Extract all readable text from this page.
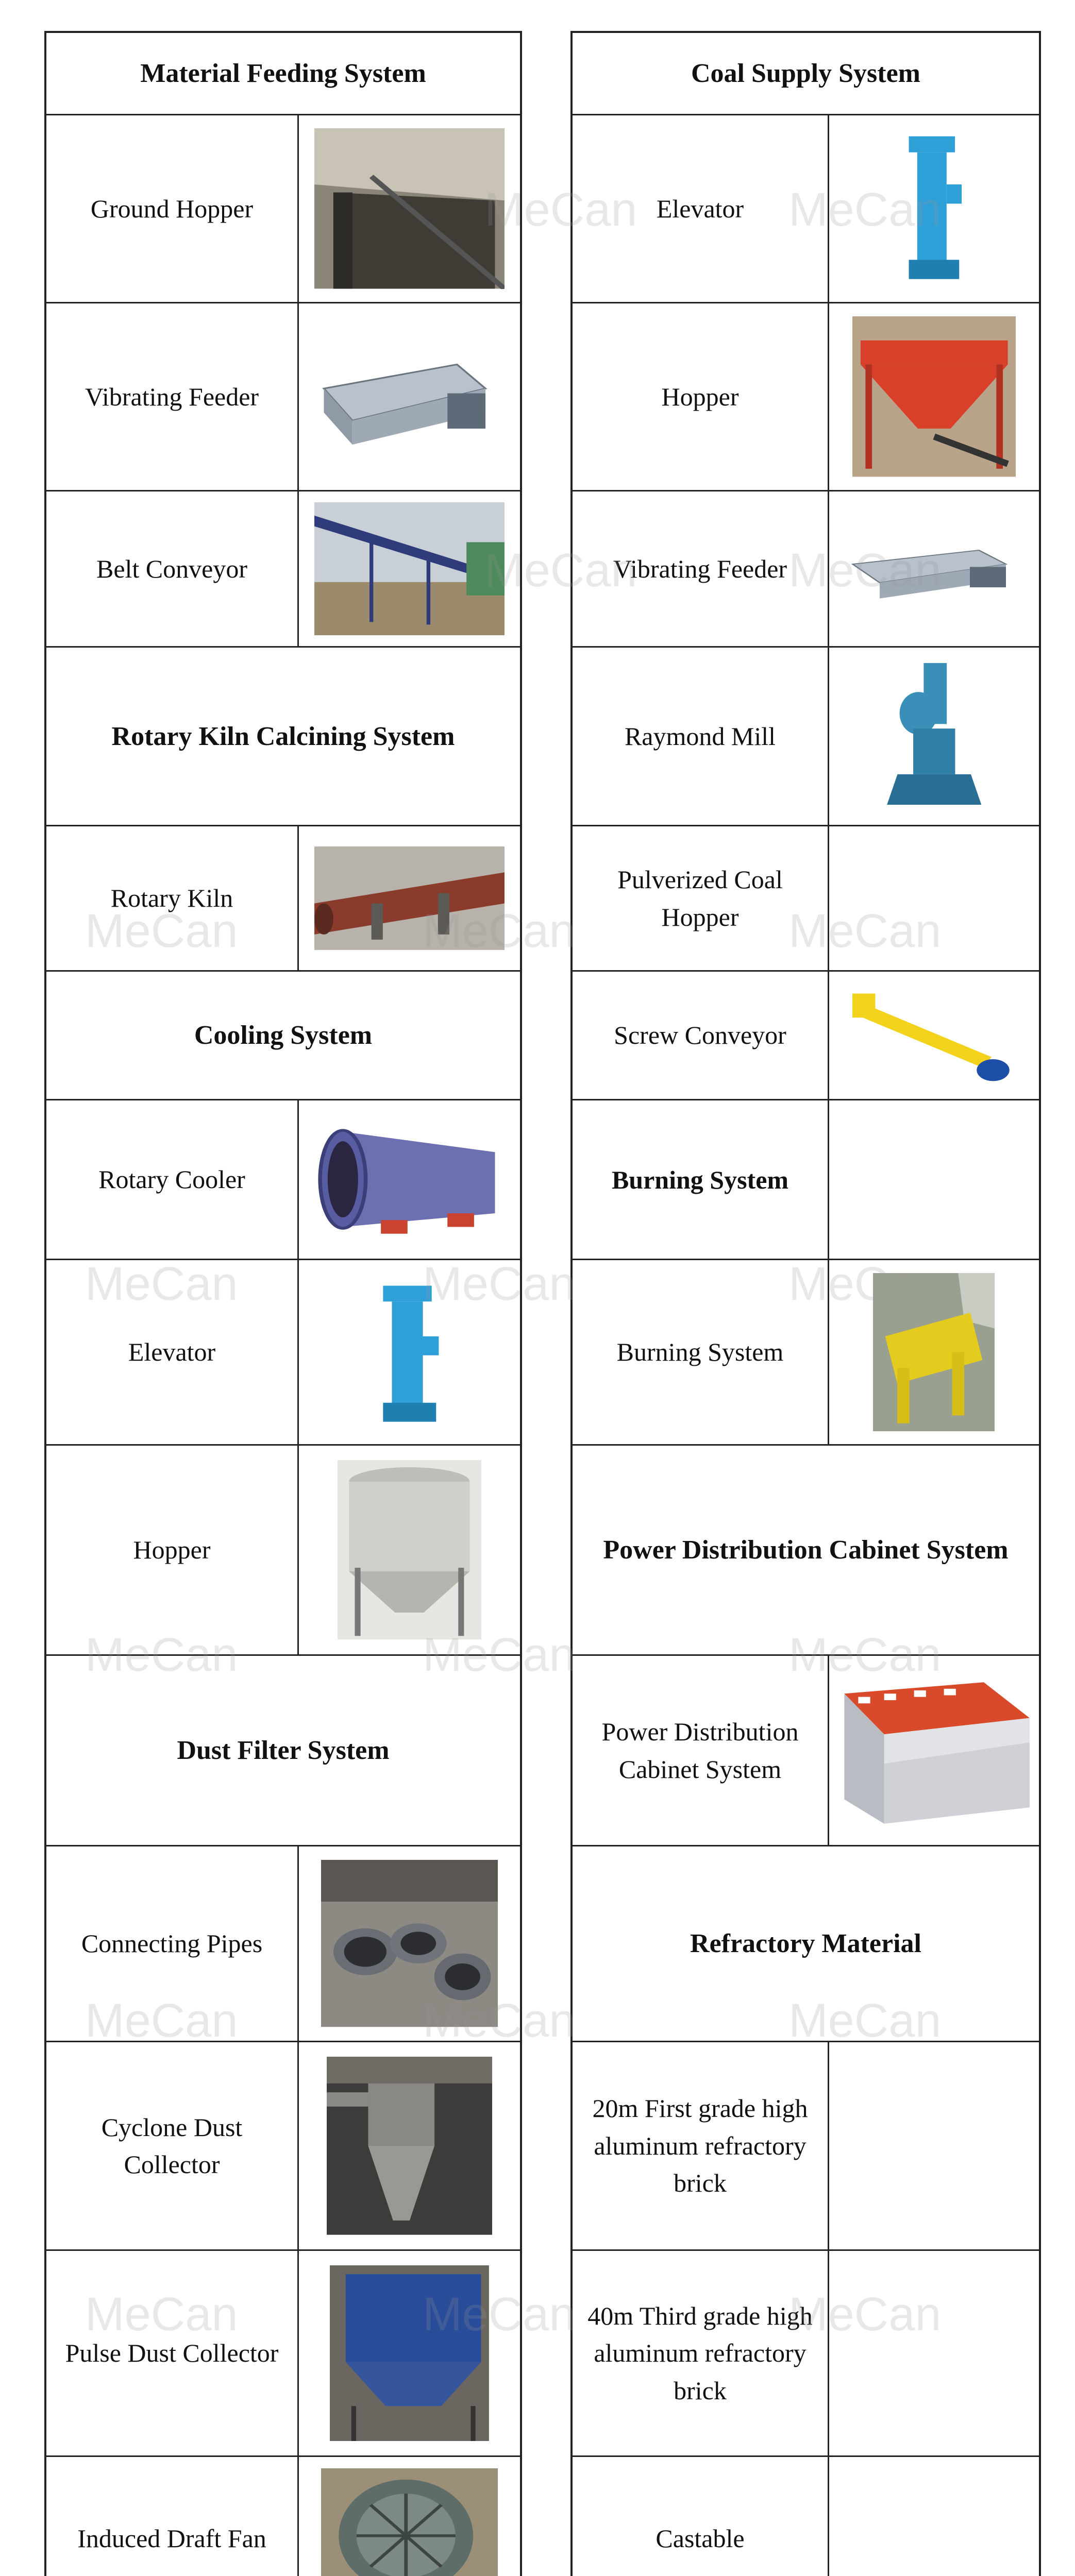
Material Feeding System
Ground Hopper
Vibrating Feeder
Belt Conveyor
Rotary Kiln Calcining System
Rotary Kiln
Cooling System
Rotary Cooler
Elevator
Hopper
Dust Filter System
Connecting Pipes
Cyclone Dust Collector
Pulse Dust Collector
Induced Draft Fan
Coal Supply System
Elevator
Hopper
Vibrating Feeder
Raymond Mill
Pulverized Coal Hopper
Screw Conveyor
Burning System
Burning System
Power Distribution Cabinet System
Power Distribution Cabinet System
Refractory Material
20m First grade high aluminum refractory brick
40m Third grade high aluminum refractory brick
Castable
MeCan	MeCan
MeCan	MeCan
MeCan	MeCan	MeCan
MeCan	MeCan	MeCan
MeCan	MeCan	MeCan
MeCan	MeCan	MeCan
MeCan	MeCan	MeCan
